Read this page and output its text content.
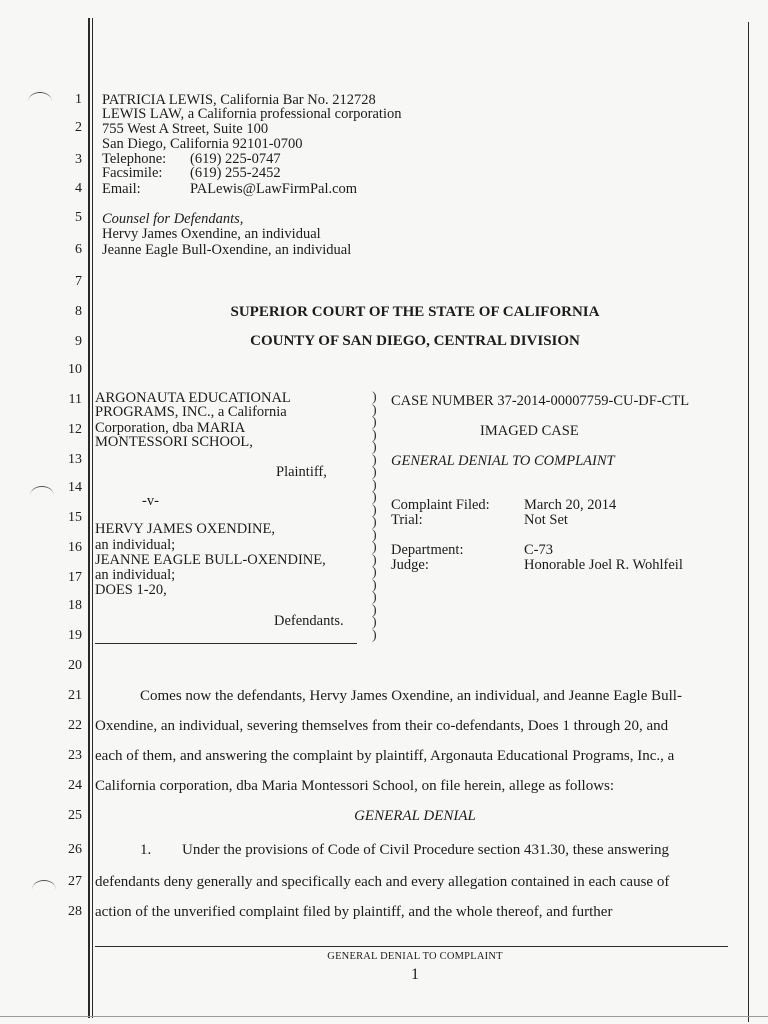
1
2
3
4
5
6
7
8
9
10
11
12
13
14
15
16
17
18
19
20
21
22
23
24
25
26
27
28
PATRICIA LEWIS, California Bar No. 212728
LEWIS LAW, a California professional corporation
755 West A Street, Suite 100
San Diego, California 92101-0700
Telephone: (619) 225-0747
Facsimile: (619) 255-2452
Email:	PALewis@LawFirmPal.com
Counsel for Defendants,
Hervy James Oxendine, an individual
Jeanne Eagle Bull-Oxendine, an individual
SUPERIOR COURT OF THE STATE OF CALIFORNIA
COUNTY OF SAN DIEGO, CENTRAL DIVISION
ARGONAUTA EDUCATIONAL
PROGRAMS, INC., a California
Corporation, dba MARIA
MONTESSORI SCHOOL,
Plaintiff,
-v-
HERVY JAMES OXENDINE,
an individual;
JEANNE EAGLE BULL-OXENDINE,
an individual;
DOES 1-20,
Defendants.
)
)
)
)
)
)
)
)
)
)
)
)
)
)
)
)
)
)
)
)
CASE NUMBER 37-2014-00007759-CU-DF-CTL
IMAGED CASE
GENERAL DENIAL TO COMPLAINT
Complaint Filed: March 20, 2014
Trial:	Not Set
Department:	C-73
Judge:	Honorable Joel R. Wohlfeil
Comes now the defendants, Hervy James Oxendine, an individual, and Jeanne Eagle Bull-
Oxendine, an individual, severing themselves from their co-defendants, Does 1 through 20, and
each of them, and answering the complaint by plaintiff, Argonauta Educational Programs, Inc., a
California corporation, dba Maria Montessori School, on file herein, allege as follows:
GENERAL DENIAL
1. Under the provisions of Code of Civil Procedure section 431.30, these answering
defendants deny generally and specifically each and every allegation contained in each cause of
action of the unverified complaint filed by plaintiff, and the whole thereof, and further
GENERAL DENIAL TO COMPLAINT
1
